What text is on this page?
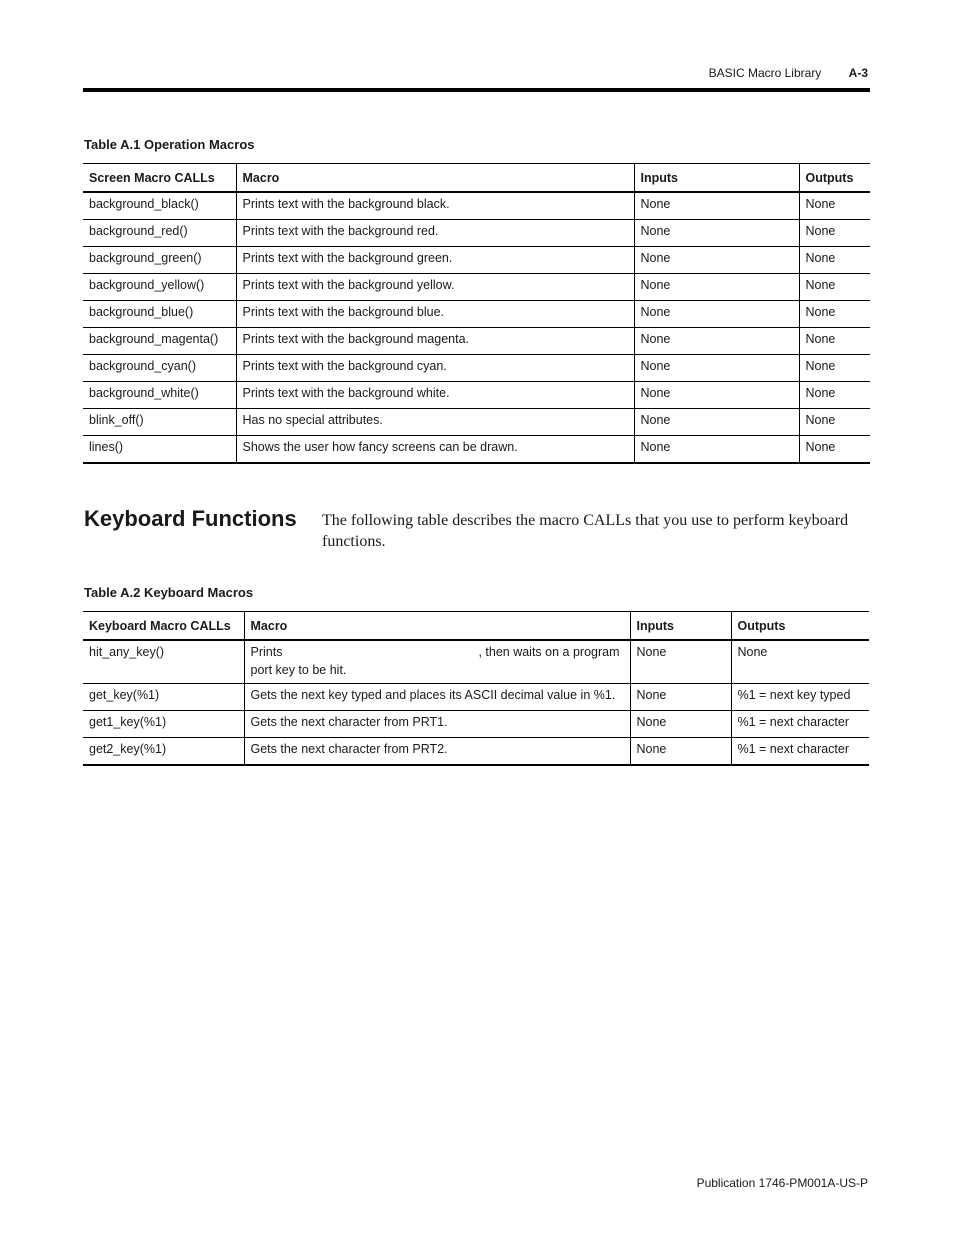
BASIC Macro Library A-3
Table A.1 Operation Macros
Screen Macro CALLs	Macro	Inputs	Outputs
background_black()	Prints text with the background black.	None	None
background_red()	Prints text with the background red.	None	None
background_green()	Prints text with the background green.	None	None
background_yellow()	Prints text with the background yellow.	None	None
background_blue()	Prints text with the background blue.	None	None
background_magenta()	Prints text with the background magenta.	None	None
background_cyan()	Prints text with the background cyan.	None	None
background_white()	Prints text with the background white.	None	None
blink_off()	Has no special attributes.	None	None
lines()	Shows the user how fancy screens can be drawn.	None	None
Keyboard Functions The following table describes the macro CALLs that you use to perform keyboard functions.
Table A.2 Keyboard Macros
Keyboard Macro CALLs	Macro	Inputs	Outputs
hit_any_key()	Prints , then waits on a program port key to be hit.	None	None
get_key(%1)	Gets the next key typed and places its ASCII decimal value in %1.	None	%1 = next key typed
get1_key(%1)	Gets the next character from PRT1.	None	%1 = next character
get2_key(%1)	Gets the next character from PRT2.	None	%1 = next character
Publication 1746-PM001A-US-P
